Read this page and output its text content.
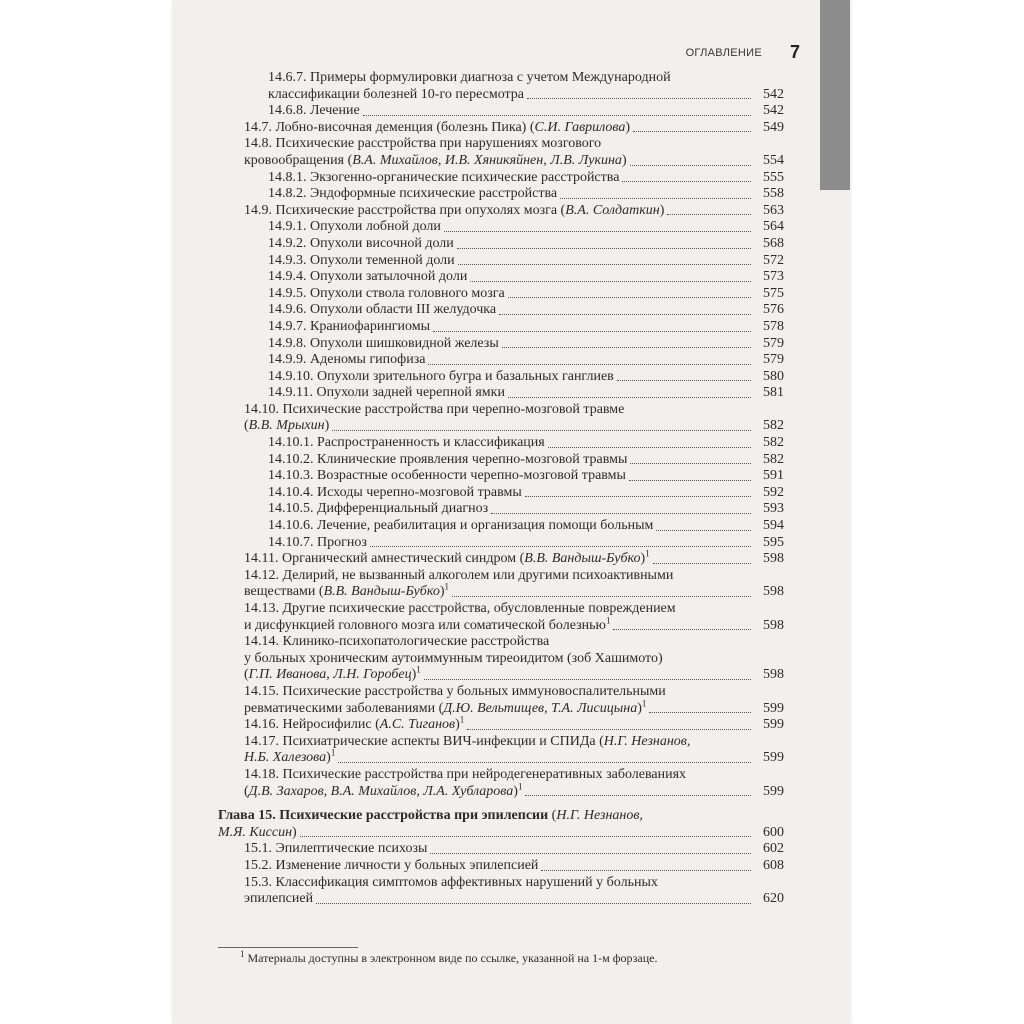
ОГЛАВЛЕНИЕ 7
14.6.7. Примеры формулировки диагноза с учетом Международной
классификации болезней 10-го пересмотра	542
14.6.8. Лечение	542
14.7. Лобно-височная деменция (болезнь Пика) (С.И. Гаврилова)	549
14.8. Психические расстройства при нарушениях мозгового
кровообращения (В.А. Михайлов, И.В. Хяникяйнен, Л.В. Лукина)	554
14.8.1. Экзогенно-органические психические расстройства	555
14.8.2. Эндоформные психические расстройства	558
14.9. Психические расстройства при опухолях мозга (В.А. Солдаткин)	563
14.9.1. Опухоли лобной доли	564
14.9.2. Опухоли височной доли	568
14.9.3. Опухоли теменной доли	572
14.9.4. Опухоли затылочной доли	573
14.9.5. Опухоли ствола головного мозга	575
14.9.6. Опухоли области III желудочка	576
14.9.7. Краниофарингиомы	578
14.9.8. Опухоли шишковидной железы	579
14.9.9. Аденомы гипофиза	579
14.9.10. Опухоли зрительного бугра и базальных ганглиев	580
14.9.11. Опухоли задней черепной ямки	581
14.10. Психические расстройства при черепно-мозговой травме
(В.В. Мрыхин)	582
14.10.1. Распространенность и классификация	582
14.10.2. Клинические проявления черепно-мозговой травмы	582
14.10.3. Возрастные особенности черепно-мозговой травмы	591
14.10.4. Исходы черепно-мозговой травмы	592
14.10.5. Дифференциальный диагноз	593
14.10.6. Лечение, реабилитация и организация помощи больным	594
14.10.7. Прогноз	595
14.11. Органический амнестический синдром (В.В. Вандыш-Бубко)$^1$	598
14.12. Делирий, не вызванный алкоголем или другими психоактивными
веществами (В.В. Вандыш-Бубко)$^1$	598
14.13. Другие психические расстройства, обусловленные повреждением
и дисфункцией головного мозга или соматической болезнью$^1$	598
14.14. Клинико-психопатологические расстройства
у больных хроническим аутоиммунным тиреоидитом (зоб Хашимото)
(Г.П. Иванова, Л.Н. Горобец)$^1$	598
14.15. Психические расстройства у больных иммуновоспалительными
ревматическими заболеваниями (Д.Ю. Вельтищев, Т.А. Лисицына)$^1$	599
14.16. Нейросифилис (А.С. Тиганов)$^1$	599
14.17. Психиатрические аспекты ВИЧ-инфекции и СПИДа (Н.Г. Незнанов,
Н.Б. Халезова)$^1$	599
14.18. Психические расстройства при нейродегенеративных заболеваниях
(Д.В. Захаров, В.А. Михайлов, Л.А. Хубларова)$^1$	599
Глава 15. Психические расстройства при эпилепсии (Н.Г. Незнанов,
М.Я. Киссин)	600
15.1. Эпилептические психозы	602
15.2. Изменение личности у больных эпилепсией	608
15.3. Классификация симптомов аффективных нарушений у больных
эпилепсией	620
$^1$ Материалы доступны в электронном виде по ссылке, указанной на 1-м форзаце.
